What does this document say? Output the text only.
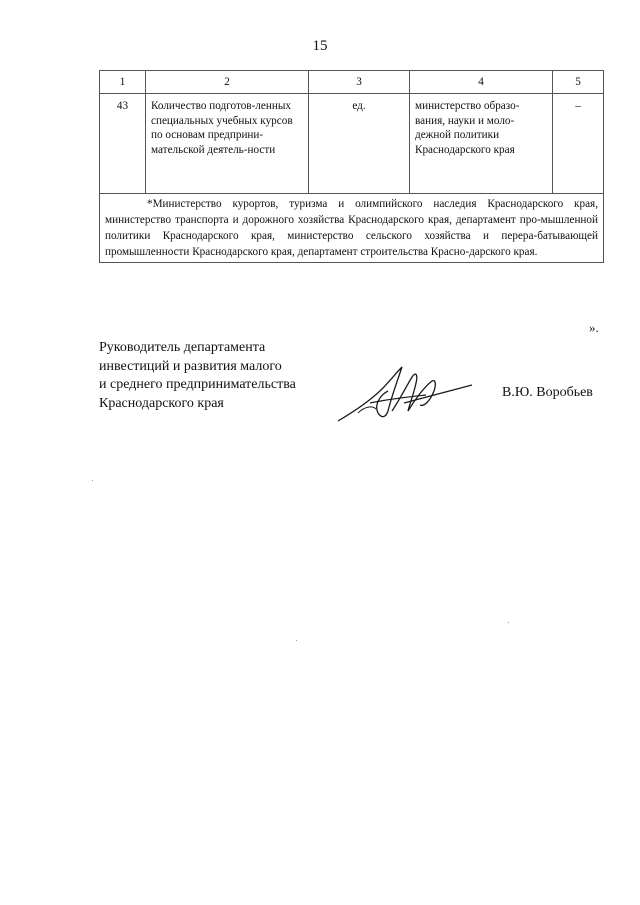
15
1	2	3	4	5
43	Количество подготов-ленных специальных учебных курсов по основам предприни-мательской деятель-ности	ед.	министерство образо-вания, науки и моло-дежной политики Краснодарского края	–
*Министерство курортов, туризма и олимпийского наследия Краснодарского края, министерство транспорта и дорожного хозяйства Краснодарского края, департамент про-мышленной политики Краснодарского края, министерство сельского хозяйства и перера-батывающей промышленности Краснодарского края, департамент строительства Красно-дарского края.				
».
Руководитель департамента
инвестиций и развития малого
и среднего предпринимательства
Краснодарского края
В.Ю. Воробьев
